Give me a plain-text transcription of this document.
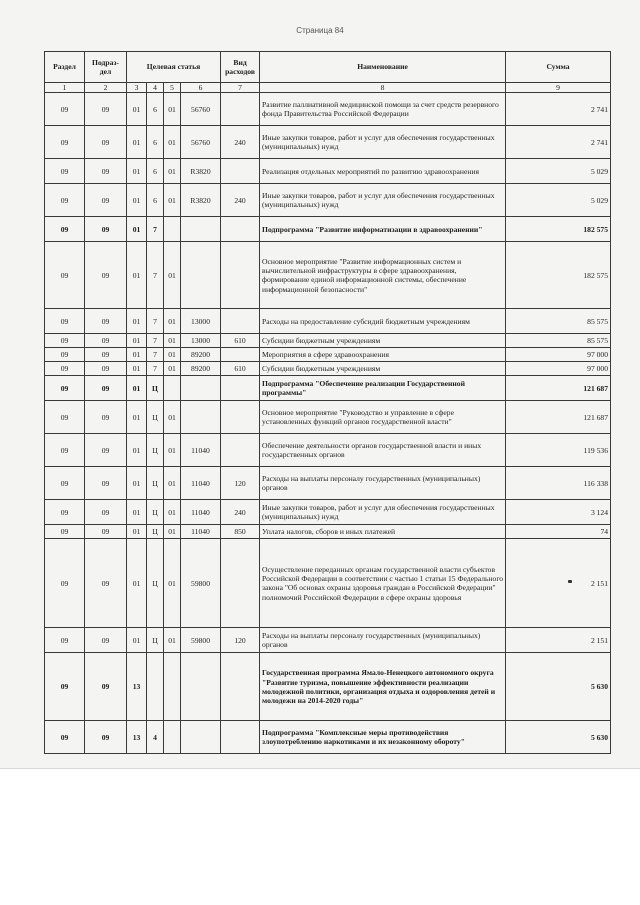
Страница 84
Раздел	Подраз-дел	Целевая статья				Вид расходов	Наименование	Сумма
1	2	3	4	5	6	7	8	9
09	09	01	6	01	56760		Развитие паллиативной медицинской помощи за счет средств резервного фонда Правительства Российской Федерации	2 741
09	09	01	6	01	56760	240	Иные закупки товаров, работ и услуг для обеспечения государственных (муниципальных) нужд	2 741
09	09	01	6	01	R3820		Реализация отдельных мероприятий по развитию здравоохранения	5 029
09	09	01	6	01	R3820	240	Иные закупки товаров, работ и услуг для обеспечения государственных (муниципальных) нужд	5 029
09	09	01	7				Подпрограмма "Развитие информатизации в здравоохранении"	182 575
09	09	01	7	01			Основное мероприятие "Развитие информационных систем и вычислительной инфраструктуры в сфере здравоохранения, формирование единой информационной системы, обеспечение информационной безопасности"	182 575
09	09	01	7	01	13000		Расходы на предоставление субсидий бюджетным учреждениям	85 575
09	09	01	7	01	13000	610	Субсидии бюджетным учреждениям	85 575
09	09	01	7	01	89200		Мероприятия в сфере здравоохранения	97 000
09	09	01	7	01	89200	610	Субсидии бюджетным учреждениям	97 000
09	09	01	Ц				Подпрограмма "Обеспечение реализации Государственной программы"	121 687
09	09	01	Ц	01			Основное мероприятие "Руководство и управление в сфере установленных функций органов государственной власти"	121 687
09	09	01	Ц	01	11040		Обеспечение деятельности органов государственной власти и иных государственных органов	119 536
09	09	01	Ц	01	11040	120	Расходы на выплаты персоналу государственных (муниципальных) органов	116 338
09	09	01	Ц	01	11040	240	Иные закупки товаров, работ и услуг для обеспечения государственных (муниципальных) нужд	3 124
09	09	01	Ц	01	11040	850	Уплата налогов, сборов и иных платежей	74
09	09	01	Ц	01	59800		Осуществление переданных органам государственной власти субъектов Российской Федерации в соответствии с частью 1 статьи 15 Федерального закона "Об основах охраны здоровья граждан в Российской Федерации" полномочий Российской Федерации в сфере охраны здоровья	2 151
09	09	01	Ц	01	59800	120	Расходы на выплаты персоналу государственных (муниципальных) органов	2 151
09	09	13					Государственная программа Ямало-Ненецкого автономного округа "Развитие туризма, повышение эффективности реализации молодежной политики, организация отдыха и оздоровления детей и молодежи на 2014-2020 годы"	5 630
09	09	13	4				Подпрограмма "Комплексные меры противодействия злоупотреблению наркотиками и их незаконному обороту"	5 630
